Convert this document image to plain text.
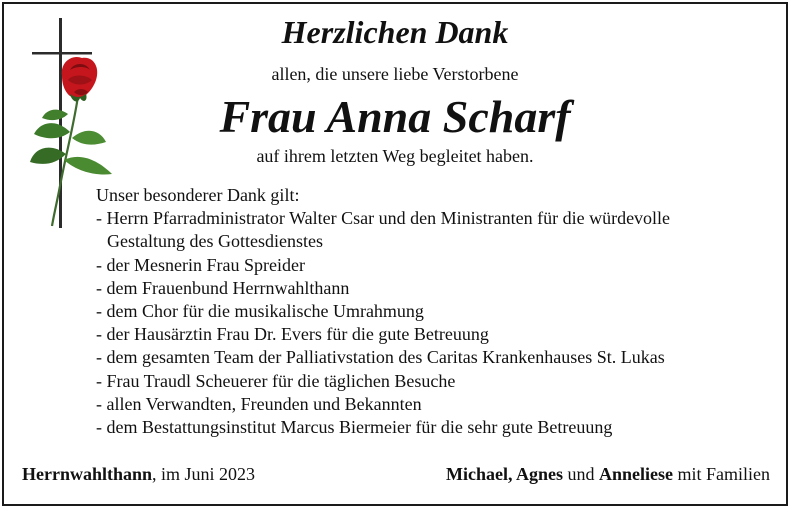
Herzlichen Dank
allen, die unsere liebe Verstorbene
Frau Anna Scharf
auf ihrem letzten Weg begleitet haben.
Unser besonderer Dank gilt:
- Herrn Pfarradministrator Walter Csar und den Ministranten für die würdevolle Gestaltung des Gottesdienstes
- der Mesnerin Frau Spreider
- dem Frauenbund Herrnwahlthann
- dem Chor für die musikalische Umrahmung
- der Hausärztin Frau Dr. Evers für die gute Betreuung
- dem gesamten Team der Palliativstation des Caritas Krankenhauses St. Lukas
- Frau Traudl Scheuerer für die täglichen Besuche
- allen Verwandten, Freunden und Bekannten
- dem Bestattungsinstitut Marcus Biermeier für die sehr gute Betreuung
Herrnwahlthann, im Juni 2023	Michael, Agnes und Anneliese mit Familien
